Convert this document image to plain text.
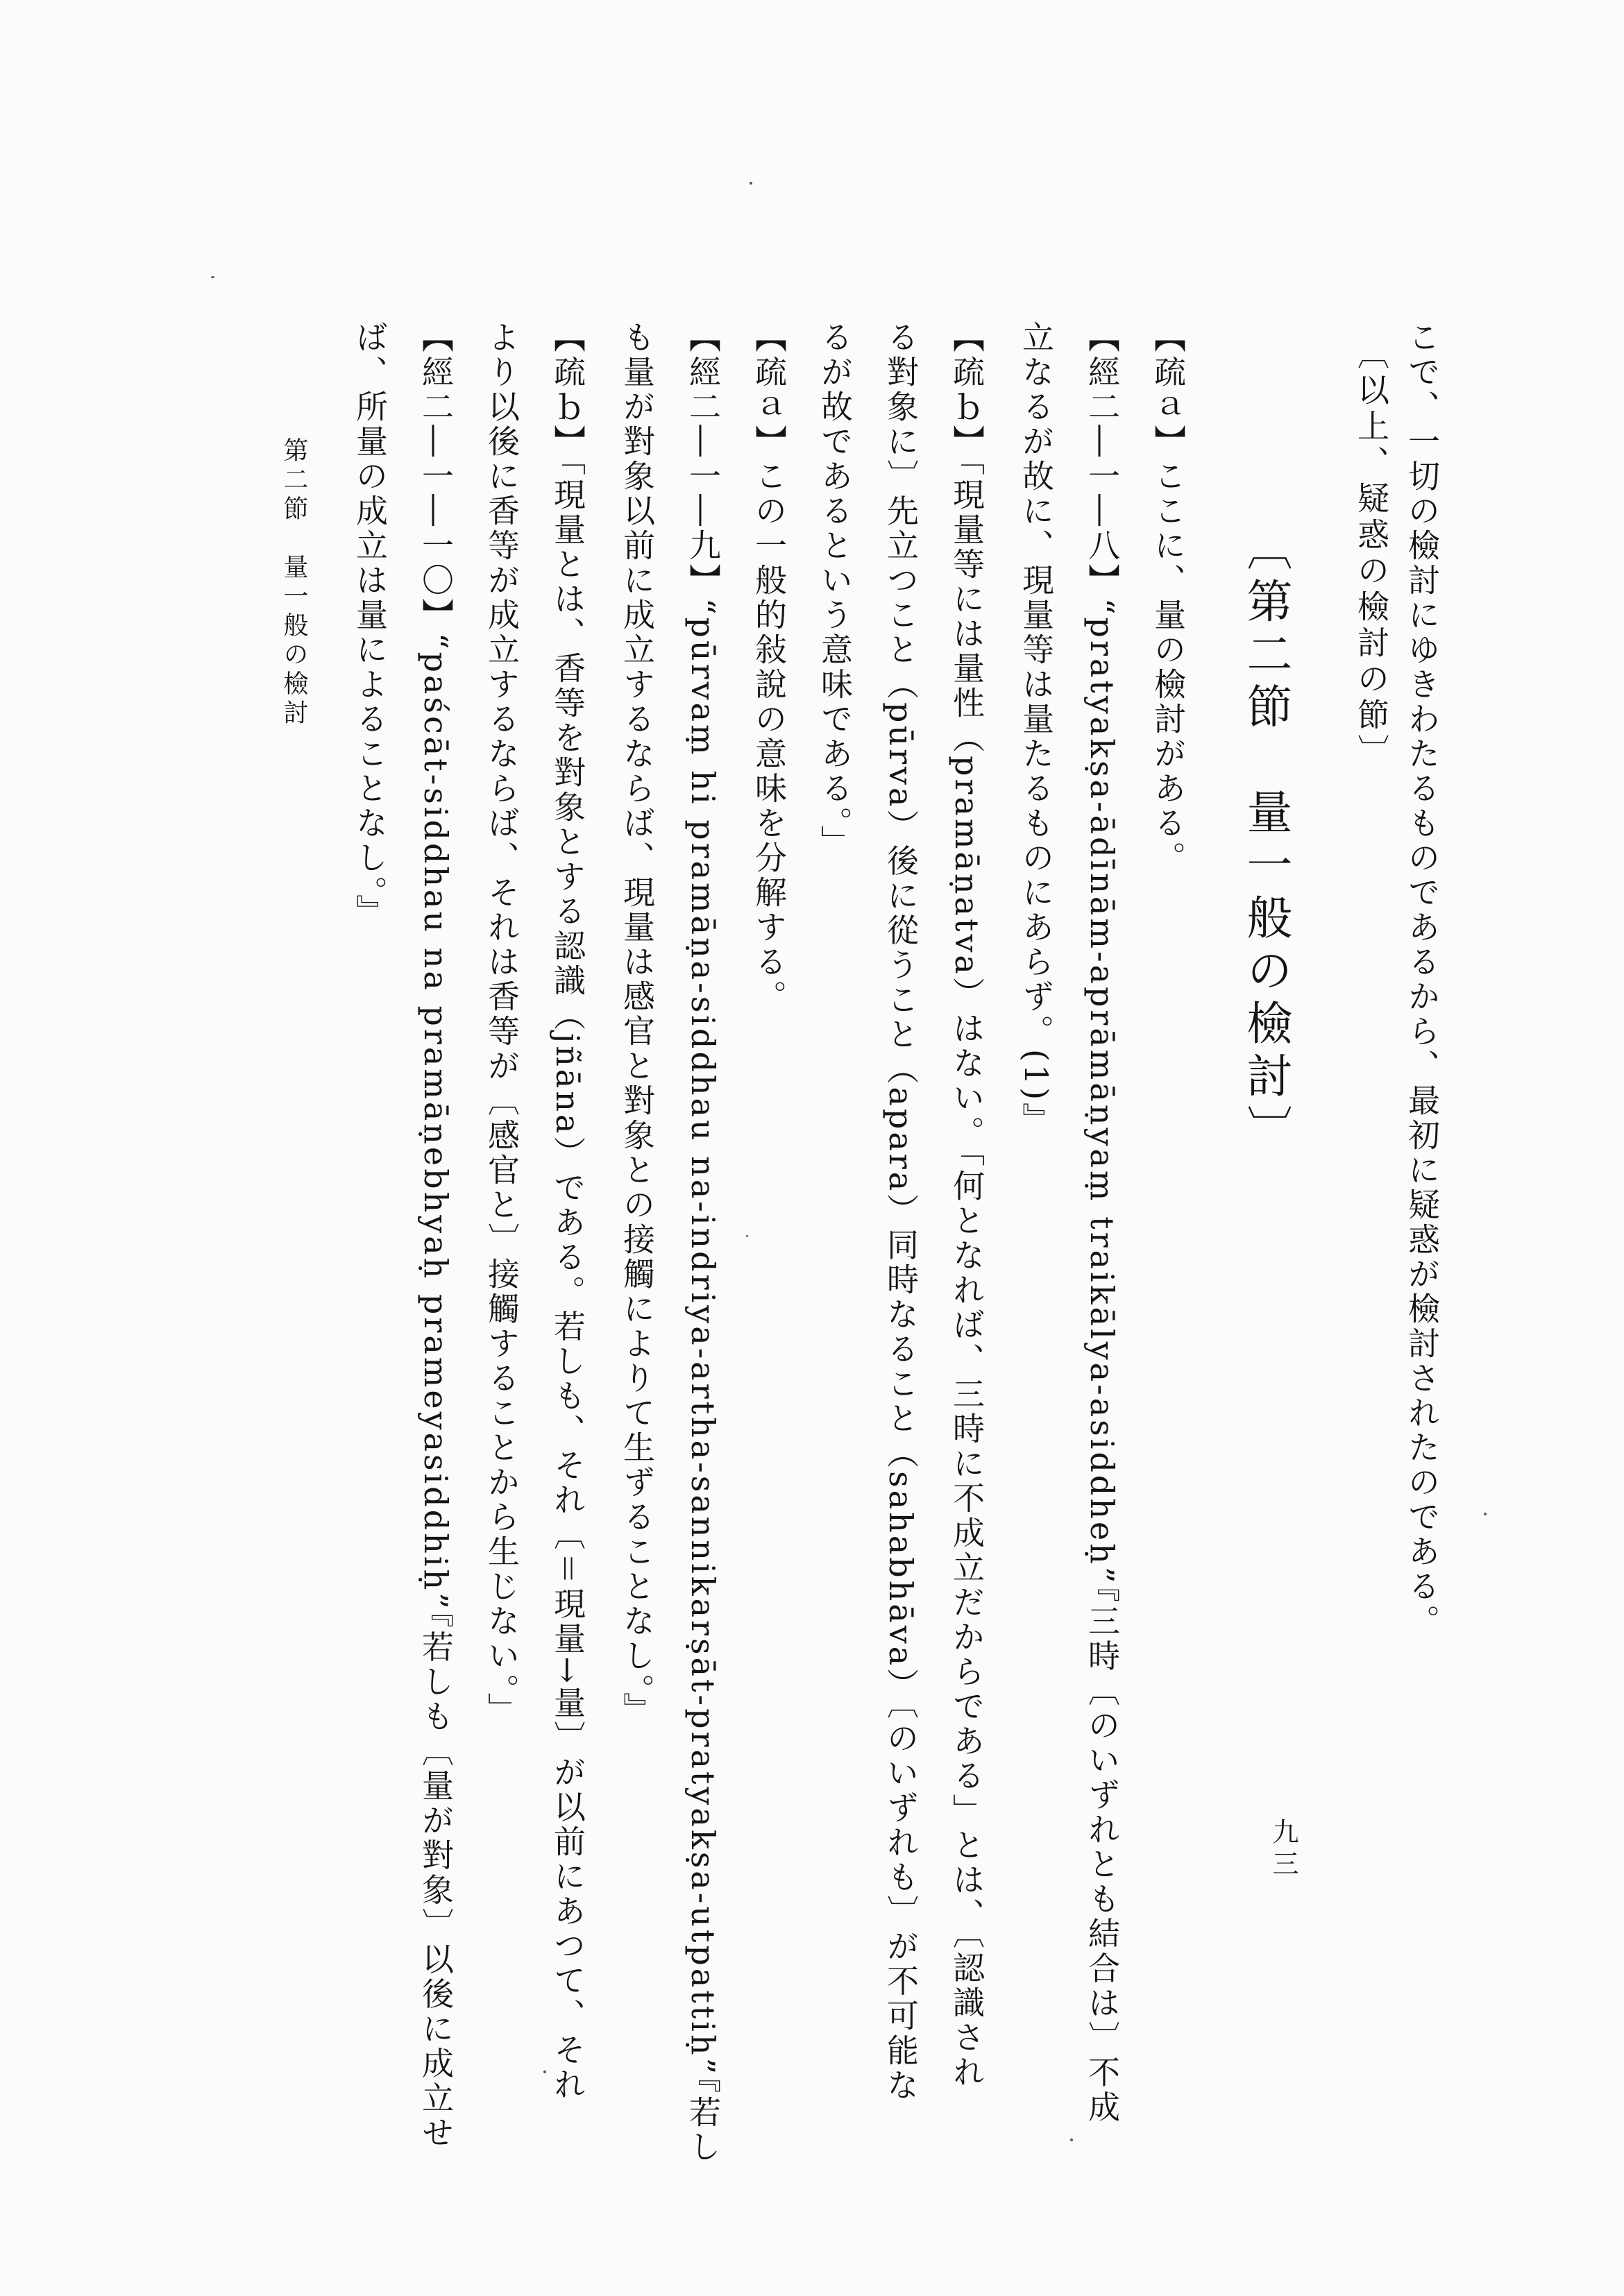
こで、一切の檢討にゆきわたるものであるから、最初に疑惑が檢討されたのである。
〔以上、疑惑の檢討の節〕
〔第二節　量一般の檢討〕
【疏ａ】ここに、量の檢討がある。
【經二―一―八】“pratyakṣa-ādīnām-aprāmāṇyaṃ traikālya-asiddheḥ”『三時〔のいずれとも結合は〕不成
立なるが故に、現量等は量たるものにあらず。(1)』
【疏ｂ】「現量等には量性（pramāṇatva）はない。「何となれば、三時に不成立だからである」とは、〔認識され
る對象に〕先立つこと（pūrva）後に從うこと（apara）同時なること（sahabhāva）〔のいずれも〕が不可能な
るが故であるという意味である。」
【疏ａ】この一般的敍說の意味を分解する。
【經二―一―九】“pūrvaṃ hi pramāṇa-siddhau na-indriya-artha-sannikarṣāt-pratyakṣa-utpattiḥ”『若し
も量が對象以前に成立するならば、現量は感官と對象との接觸によりて生ずることなし。』
【疏ｂ】「現量とは、香等を對象とする認識（jñāna）である。若しも、それ〔＝現量→量〕が以前にあつて、それ
より以後に香等が成立するならば、それは香等が〔感官と〕接觸することから生じない。」
【經二―一―一〇】“paścāt-siddhau na pramāṇebhyaḥ prameyasiddhiḥ”『若しも〔量が對象〕以後に成立せ
ば、所量の成立は量によることなし。』
第二節　量一般の檢討
九三
